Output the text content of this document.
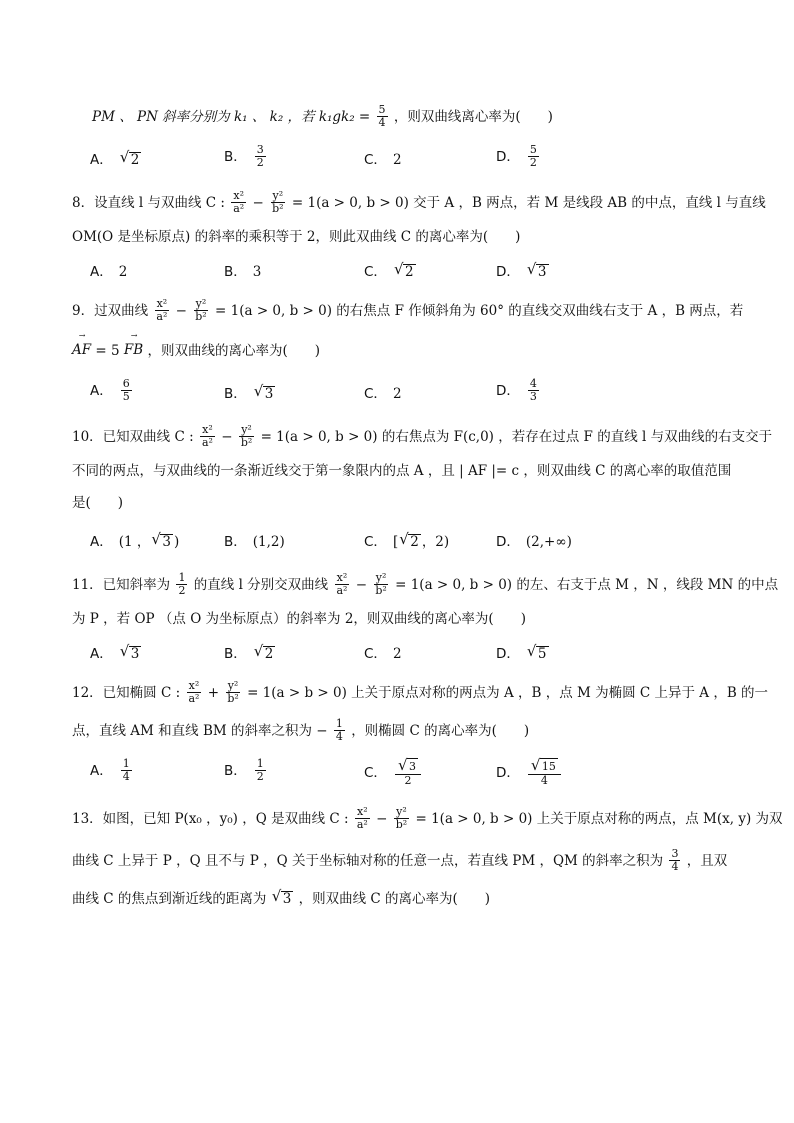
PM 、 PN 斜率分别为 k₁ 、 k₂ ，若 $k_1gk_2 = \frac{5}{4}$ ，则双曲线离心率为(　　)
A． √ 2	B． $\frac{3}{2}$	C． 2	D． $\frac{5}{2}$
8．设直线 l 与双曲线 C : $\frac{\text{x²}}{\text{a²}} - \frac{\text{y²}}{\text{b²}} = 1(a > 0$, b > 0) 交于 A ，B 两点，若 M 是线段 AB 的中点，直线 l 与直线
OM(O 是坐标原点) 的斜率的乘积等于 2，则此双曲线 C 的离心率为(　　)
A． 2	B． 3	C． √ 2	D． √ 3
9．过双曲线 $\frac{\text{x²}}{\text{a²}} - \frac{\text{y²}}{\text{b²}} = 1(a > 0$, b > 0) 的右焦点 F 作倾斜角为 60° 的直线交双曲线右支于 A ，B 两点，若
→
AF = 5
→
FB ，则双曲线的离心率为(　　)
A． $\frac{6}{5}$	B． √ 3	C． 2	D． $\frac{4}{3}$
10．已知双曲线 C : $\frac{\text{x²}}{\text{a²}} - \frac{\text{y²}}{\text{b²}} = 1(a > 0$, b > 0) 的右焦点为 F(c,0) ，若存在过点 F 的直线 l 与双曲线的右支交于
不同的两点，与双曲线的一条渐近线交于第一象限内的点 A ，且 | AF |= c ，则双曲线 C 的离心率的取值范围
是(　　)
A． (1 ， √ 3 )	B． (1,2)	C． [ √ 2 ，2)	D． (2,+∞)
11．已知斜率为 $\frac{1}{2}$ 的直线 l 分别交双曲线 $\frac{\text{x²}}{\text{a²}} - \frac{\text{y²}}{\text{b²}} = 1(a > 0$, b > 0) 的左、右支于点 M ，N ，线段 MN 的中点
为 P ，若 OP （点 O 为坐标原点）的斜率为 2，则双曲线的离心率为(　　)
A． √ 3	B． √ 2	C． 2	D． √ 5
12．已知椭圆 C : $\frac{\text{x²}}{\text{a²}} + \frac{\text{y²}}{\text{b²}} = 1(a > b > 0)$ 上关于原点对称的两点为 A ，B ，点 M 为椭圆 C 上异于 A ，B 的一
点，直线 AM 和直线 BM 的斜率之积为 − $\frac{1}{4}$ ，则椭圆 C 的离心率为(　　)
A． $\frac{1}{4}$	B． $\frac{1}{2}$	C． $\frac{√ 3}{2}$	D． $\frac{√ 15}{4}$
13．如图，已知 P(x₀ ，y₀) ，Q 是双曲线 C : $\frac{\text{x²}}{\text{a²}} - \frac{\text{y²}}{\text{b²}} = 1(a > 0$, b > 0) 上关于原点对称的两点，点 M(x, y) 为双
曲线 C 上异于 P ，Q 且不与 P ，Q 关于坐标轴对称的任意一点，若直线 PM ，QM 的斜率之积为 $\frac{3}{4}$ ，且双
曲线 C 的焦点到渐近线的距离为 √ 3 ，则双曲线 C 的离心率为(　　)
